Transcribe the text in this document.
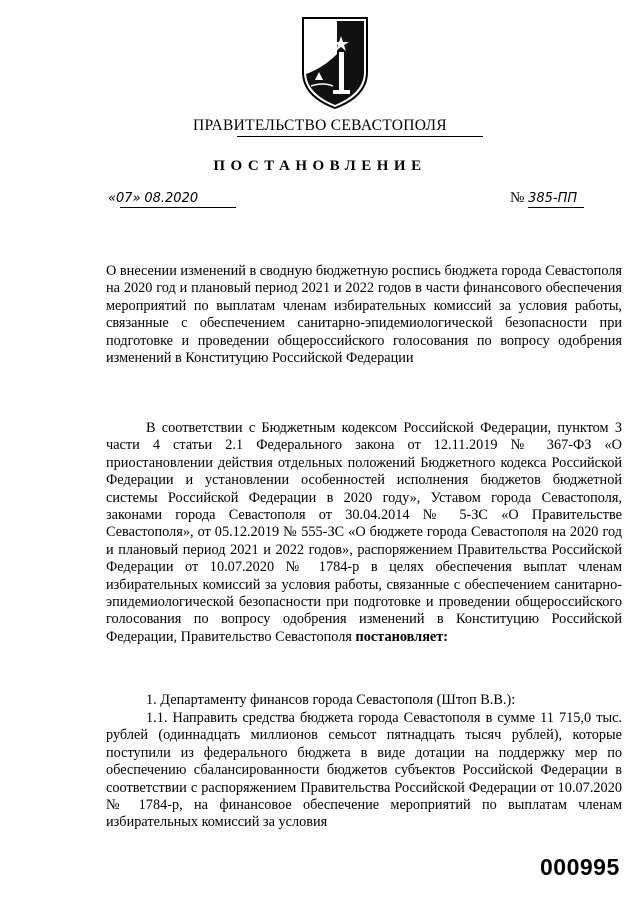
ПРАВИТЕЛЬСТВО СЕВАСТОПОЛЯ
ПОСТАНОВЛЕНИЕ
«07» 08.2020	№ 385-ПП

О внесении изменений в сводную бюджетную роспись бюджета города Севастополя на 2020 год и плановый период 2021 и 2022 годов в части финансового обеспечения мероприятий по выплатам членам избирательных комиссий за условия работы, связанные с обеспечением санитарно-эпидемиологической безопасности при подготовке и проведении общероссийского голосования по вопросу одобрения изменений в Конституцию Российской Федерации

В соответствии с Бюджетным кодексом Российской Федерации, пунктом 3 части 4 статьи 2.1 Федерального закона от 12.11.2019 № 367-ФЗ «О приостановлении действия отдельных положений Бюджетного кодекса Российской Федерации и установлении особенностей исполнения бюджетов бюджетной системы Российской Федерации в 2020 году», Уставом города Севастополя, законами города Севастополя от 30.04.2014 № 5-ЗС «О Правительстве Севастополя», от 05.12.2019 № 555-ЗС «О бюджете города Севастополя на 2020 год и плановый период 2021 и 2022 годов», распоряжением Правительства Российской Федерации от 10.07.2020 № 1784-р в целях обеспечения выплат членам избирательных комиссий за условия работы, связанные с обеспечением санитарно-эпидемиологической безопасности при подготовке и проведении общероссийского голосования по вопросу одобрения изменений в Конституцию Российской Федерации, Правительство Севастополя постановляет:

1. Департаменту финансов города Севастополя (Штоп В.В.):

1.1. Направить средства бюджета города Севастополя в сумме 11 715,0 тыс. рублей (одиннадцать миллионов семьсот пятнадцать тысяч рублей), которые поступили из федерального бюджета в виде дотации на поддержку мер по обеспечению сбалансированности бюджетов субъектов Российской Федерации в соответствии с распоряжением Правительства Российской Федерации от 10.07.2020 № 1784-р, на финансовое обеспечение мероприятий по выплатам членам избирательных комиссий за условия

000995
